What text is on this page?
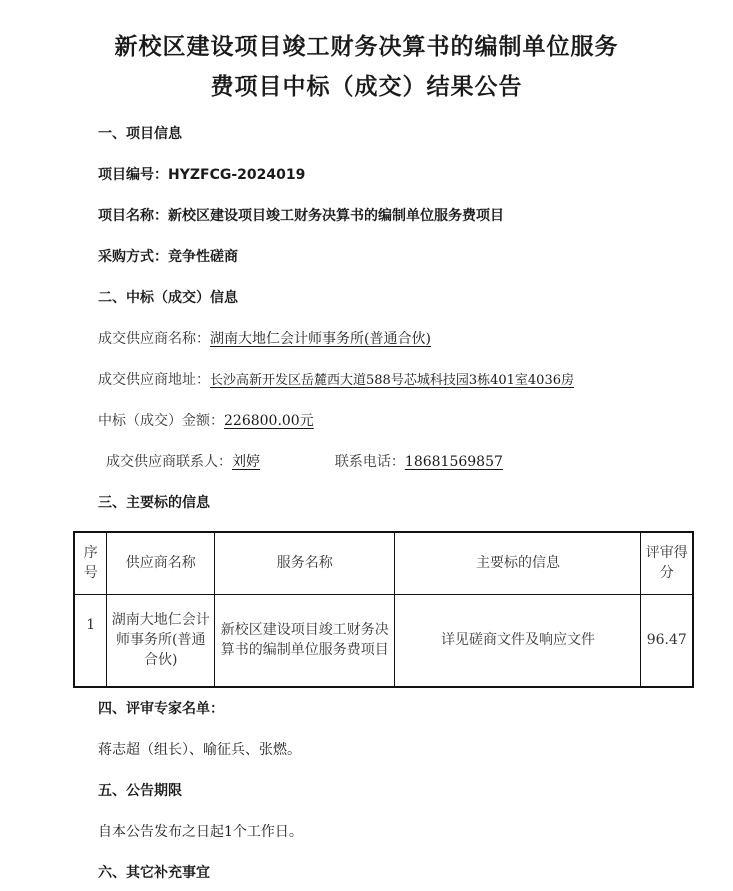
新校区建设项目竣工财务决算书的编制单位服务
费项目中标（成交）结果公告
一、项目信息
项目编号：HYZFCG-2024019
项目名称：新校区建设项目竣工财务决算书的编制单位服务费项目
采购方式：竞争性磋商
二、中标（成交）信息
成交供应商名称：湖南大地仁会计师事务所(普通合伙)
成交供应商地址：长沙高新开发区岳麓西大道588号芯城科技园3栋401室4036房
中标（成交）金额：226800.00元
成交供应商联系人：刘婷	联系电话：18681569857
三、主要标的信息
序号	供应商名称	服务名称	主要标的信息	评审得分
1	湖南大地仁会计师事务所(普通合伙)	新校区建设项目竣工财务决算书的编制单位服务费项目	详见磋商文件及响应文件	96.47
四、评审专家名单：
蒋志超（组长）、喻征兵、张燃。
五、公告期限
自本公告发布之日起1个工作日。
六、其它补充事宜
